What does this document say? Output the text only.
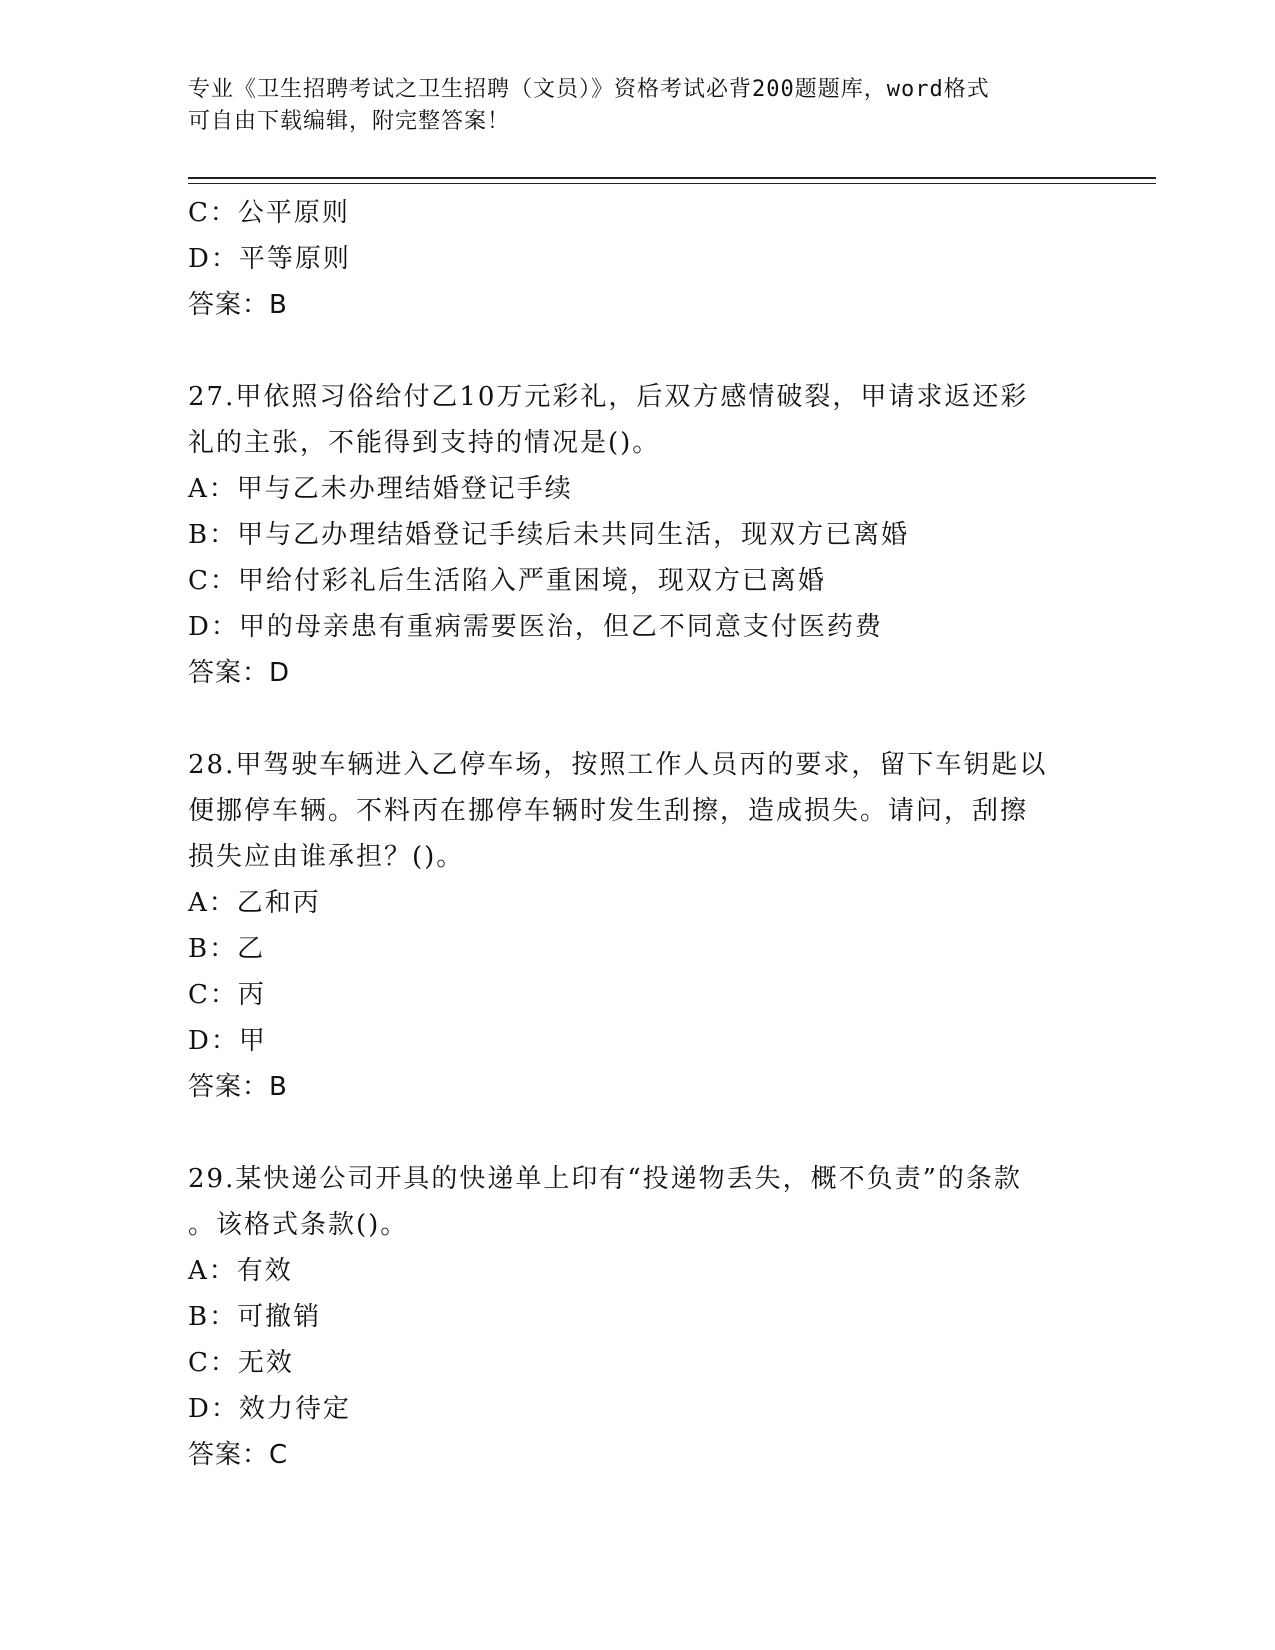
专业《卫生招聘考试之卫生招聘（文员）》资格考试必背200题题库，word格式
可自由下载编辑，附完整答案！
C：公平原则
D：平等原则
答案：B
27.甲依照习俗给付乙10万元彩礼，后双方感情破裂，甲请求返还彩
礼的主张，不能得到支持的情况是()。
A：甲与乙未办理结婚登记手续
B：甲与乙办理结婚登记手续后未共同生活，现双方已离婚
C：甲给付彩礼后生活陷入严重困境，现双方已离婚
D：甲的母亲患有重病需要医治，但乙不同意支付医药费
答案：D
28.甲驾驶车辆进入乙停车场，按照工作人员丙的要求，留下车钥匙以
便挪停车辆。不料丙在挪停车辆时发生刮擦，造成损失。请问，刮擦
损失应由谁承担？()。
A：乙和丙
B：乙
C：丙
D：甲
答案：B
29.某快递公司开具的快递单上印有“投递物丢失，概不负责”的条款
。该格式条款()。
A：有效
B：可撤销
C：无效
D：效力待定
答案：C
